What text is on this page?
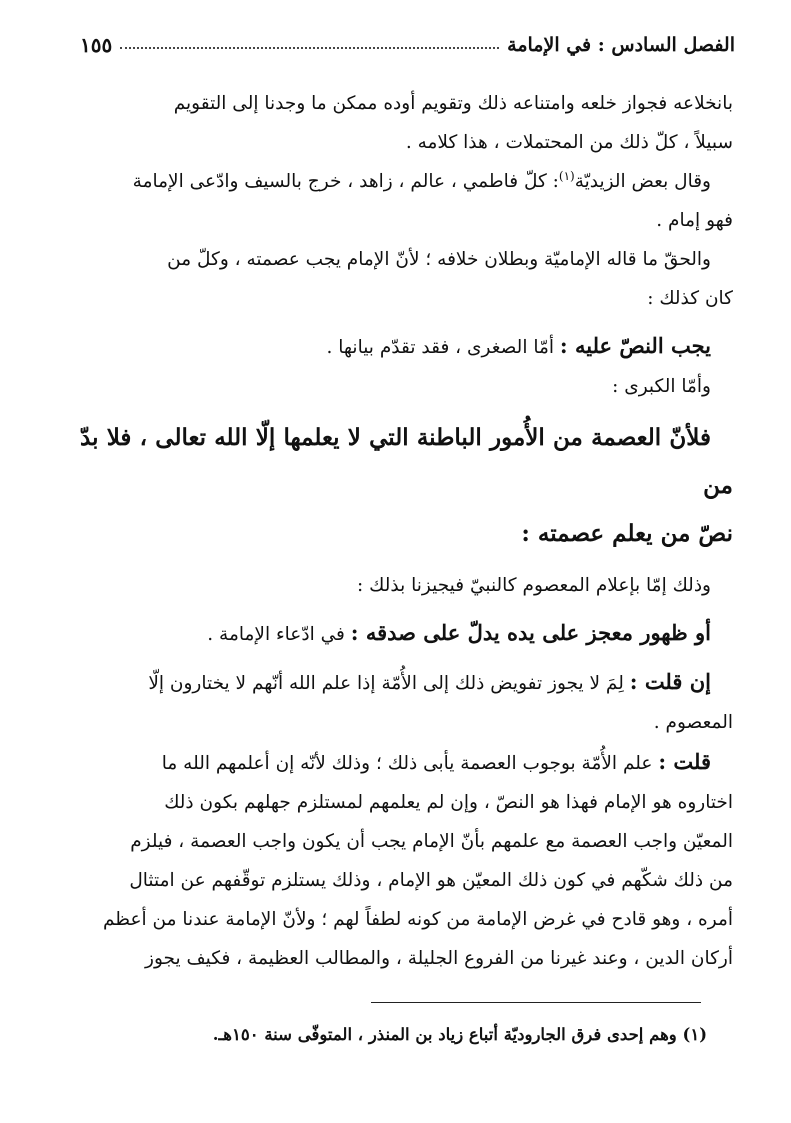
الفصل السادس : في الإمامة
١٥٥

بانخلاعه فجواز خلعه وامتناعه ذلك وتقويم أوده ممكن ما وجدنا إلى التقويم

سبيلاً ، كلّ ذلك من المحتملات ، هذا كلامه .

وقال بعض الزيديّة$^{(١)}$: كلّ فاطمي ، عالم ، زاهد ، خرج بالسيف وادّعى الإمامة

فهو إمام .

والحقّ ما قاله الإماميّة وبطلان خلافه ؛ لأنّ الإمام يجب عصمته ، وكلّ من

كان كذلك :

يجب النصّ عليه : أمّا الصغرى ، فقد تقدّم بيانها .

وأمّا الكبرى :

فلأنّ العصمة من الأُمور الباطنة التي لا يعلمها إلّا الله تعالى ، فلا بدّ من

نصّ من يعلم عصمته :

وذلك إمّا بإعلام المعصوم كالنبيّ فيجيزنا بذلك :

أو ظهور معجز على يده يدلّ على صدقه : في ادّعاء الإمامة .

إن قلت : لِمَ لا يجوز تفويض ذلك إلى الأُمّة إذا علم الله أنّهم لا يختارون إلّا

المعصوم .

قلت : علم الأُمّة بوجوب العصمة يأبى ذلك ؛ وذلك لأنّه إن أعلمهم الله ما

اختاروه هو الإمام فهذا هو النصّ ، وإن لم يعلمهم لمستلزم جهلهم بكون ذلك

المعيّن واجب العصمة مع علمهم بأنّ الإمام يجب أن يكون واجب العصمة ، فيلزم

من ذلك شكّهم في كون ذلك المعيّن هو الإمام ، وذلك يستلزم توقّفهم عن امتثال

أمره ، وهو قادح في غرض الإمامة من كونه لطفاً لهم ؛ ولأنّ الإمامة عندنا من أعظم

أركان الدين ، وعند غيرنا من الفروع الجليلة ، والمطالب العظيمة ، فكيف يجوز

(١) وهم إحدى فرق الجاروديّة أتباع زياد بن المنذر ، المتوفّى سنة ١٥٠هـ.
